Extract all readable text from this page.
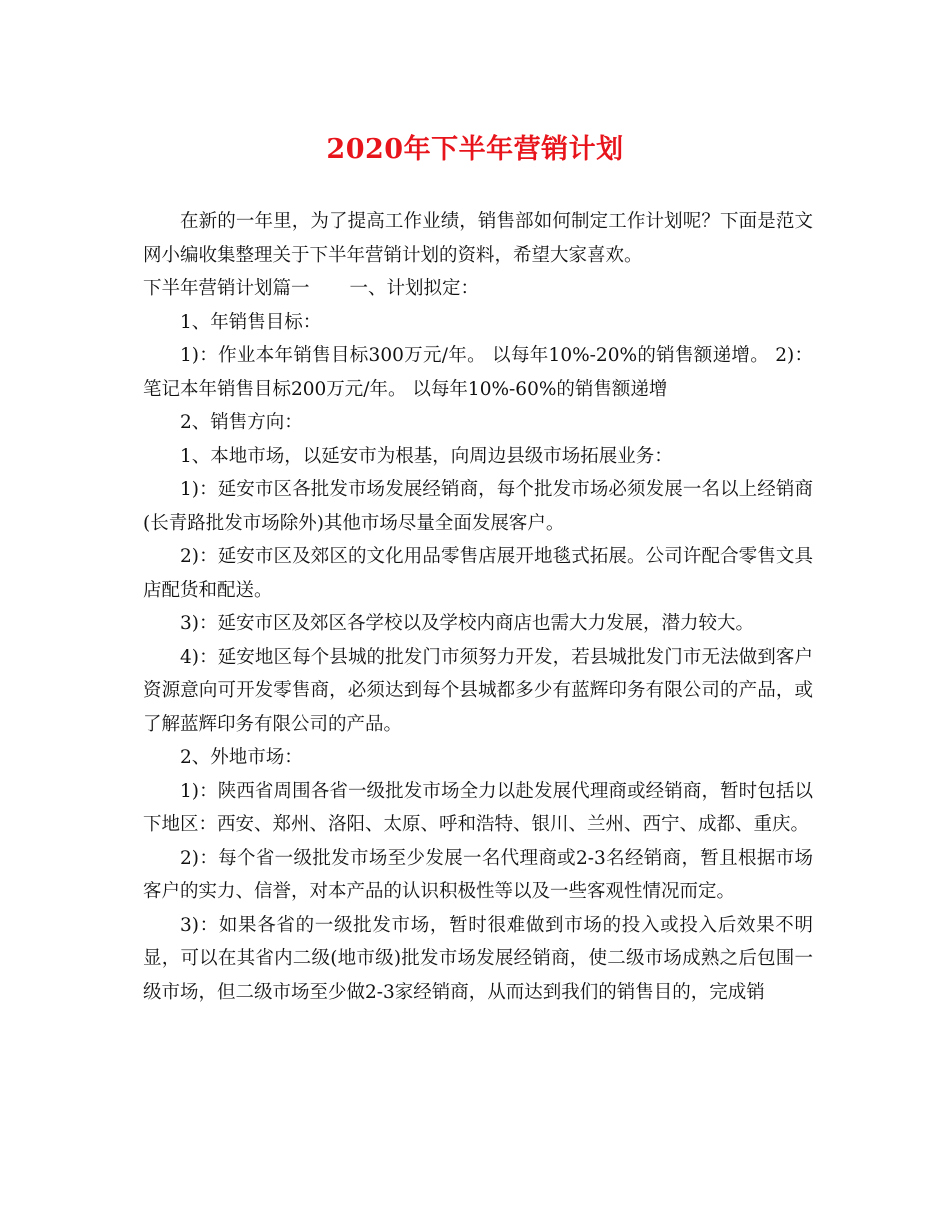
2020年下半年营销计划

在新的一年里，为了提高工作业绩，销售部如何制定工作计划呢？下面是范文网小编收集整理关于下半年营销计划的资料，希望大家喜欢。

下半年营销计划篇一 一、计划拟定：

1、年销售目标：

1)：作业本年销售目标300万元/年。 以每年10%-20%的销售额递增。 2)：笔记本年销售目标200万元/年。 以每年10%-60%的销售额递增

2、销售方向：

1、本地市场，以延安市为根基，向周边县级市场拓展业务：

1)：延安市区各批发市场发展经销商，每个批发市场必须发展一名以上经销商(长青路批发市场除外)其他市场尽量全面发展客户。

2)：延安市区及郊区的文化用品零售店展开地毯式拓展。公司许配合零售文具店配货和配送。

3)：延安市区及郊区各学校以及学校内商店也需大力发展，潜力较大。

4)：延安地区每个县城的批发门市须努力开发，若县城批发门市无法做到客户资源意向可开发零售商，必须达到每个县城都多少有蓝辉印务有限公司的产品，或了解蓝辉印务有限公司的产品。

2、外地市场：

1)：陕西省周围各省一级批发市场全力以赴发展代理商或经销商，暂时包括以下地区：西安、郑州、洛阳、太原、呼和浩特、银川、兰州、西宁、成都、重庆。

2)：每个省一级批发市场至少发展一名代理商或2-3名经销商，暂且根据市场客户的实力、信誉，对本产品的认识积极性等以及一些客观性情况而定。

3)：如果各省的一级批发市场，暂时很难做到市场的投入或投入后效果不明显，可以在其省内二级(地市级)批发市场发展经销商，使二级市场成熟之后包围一级市场，但二级市场至少做2-3家经销商，从而达到我们的销售目的，完成销
